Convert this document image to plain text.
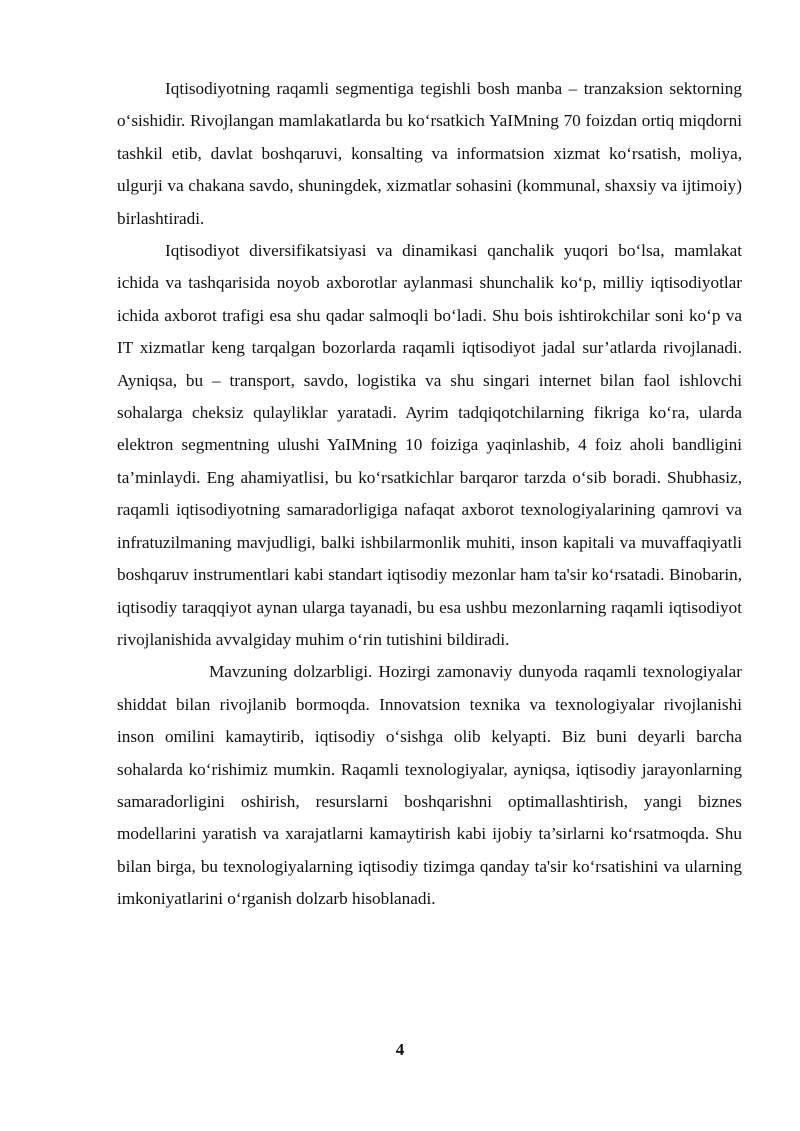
Iqtisodiyotning raqamli segmentiga tegishli bosh manba – tranzaksion sektorning o‘sishidir. Rivojlangan mamlakatlarda bu ko‘rsatkich YaIMning 70 foizdan ortiq miqdorni tashkil etib, davlat boshqaruvi, konsalting va informatsion xizmat ko‘rsatish, moliya, ulgurji va chakana savdo, shuningdek, xizmatlar sohasini (kommunal, shaxsiy va ijtimoiy) birlashtiradi.

Iqtisodiyot diversifikatsiyasi va dinamikasi qanchalik yuqori bo‘lsa, mamlakat ichida va tashqarisida noyob axborotlar aylanmasi shunchalik ko‘p, milliy iqtisodiyotlar ichida axborot trafigi esa shu qadar salmoqli bo‘ladi. Shu bois ishtirokchilar soni ko‘p va IT xizmatlar keng tarqalgan bozorlarda raqamli iqtisodiyot jadal sur’atlarda rivojlanadi. Ayniqsa, bu – transport, savdo, logistika va shu singari internet bilan faol ishlovchi sohalarga cheksiz qulayliklar yaratadi. Ayrim tadqiqotchilarning fikriga ko‘ra, ularda elektron segmentning ulushi YaIMning 10 foiziga yaqinlashib, 4 foiz aholi bandligini ta’minlaydi. Eng ahamiyatlisi, bu ko‘rsatkichlar barqaror tarzda o‘sib boradi. Shubhasiz, raqamli iqtisodiyotning samaradorligiga nafaqat axborot texnologiyalarining qamrovi va infratuzilmaning mavjudligi, balki ishbilarmonlik muhiti, inson kapitali va muvaffaqiyatli boshqaruv instrumentlari kabi standart iqtisodiy mezonlar ham ta'sir ko‘rsatadi. Binobarin, iqtisodiy taraqqiyot aynan ularga tayanadi, bu esa ushbu mezonlarning raqamli iqtisodiyot rivojlanishida avvalgiday muhim o‘rin tutishini bildiradi.

Mavzuning dolzarbligi. Hozirgi zamonaviy dunyoda raqamli texnologiyalar shiddat bilan rivojlanib bormoqda. Innovatsion texnika va texnologiyalar rivojlanishi inson omilini kamaytirib, iqtisodiy o‘sishga olib kelyapti. Biz buni deyarli barcha sohalarda ko‘rishimiz mumkin. Raqamli texnologiyalar, ayniqsa, iqtisodiy jarayonlarning samaradorligini oshirish, resurslarni boshqarishni optimallashtirish, yangi biznes modellarini yaratish va xarajatlarni kamaytirish kabi ijobiy ta’sirlarni ko‘rsatmoqda. Shu bilan birga, bu texnologiyalarning iqtisodiy tizimga qanday ta'sir ko‘rsatishini va ularning imkoniyatlarini o‘rganish dolzarb hisoblanadi.

4
